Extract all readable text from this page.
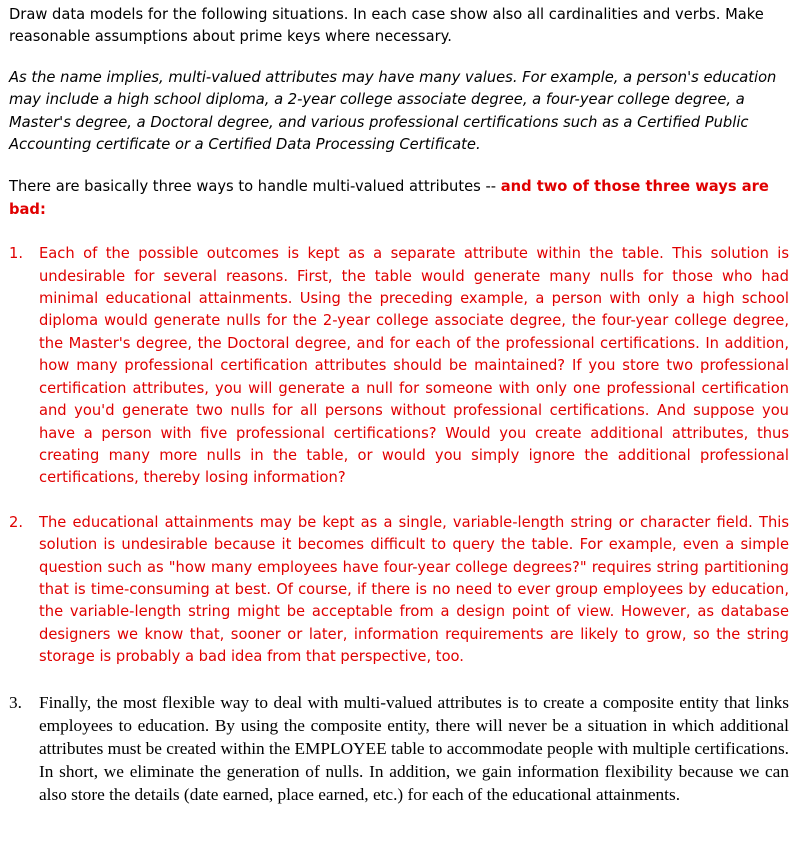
Draw data models for the following situations. In each case show also all cardinalities and verbs. Make reasonable assumptions about prime keys where necessary.

As the name implies, multi-valued attributes may have many values. For example, a person's education may include a high school diploma, a 2-year college associate degree, a four-year college degree, a Master's degree, a Doctoral degree, and various professional certifications such as a Certified Public Accounting certificate or a Certified Data Processing Certificate.

There are basically three ways to handle multi-valued attributes -- and two of those three ways are bad:

1.	Each of the possible outcomes is kept as a separate attribute within the table. This solution is undesirable for several reasons. First, the table would generate many nulls for those who had minimal educational attainments. Using the preceding example, a person with only a high school diploma would generate nulls for the 2-year college associate degree, the four-year college degree, the Master's degree, the Doctoral degree, and for each of the professional certifications. In addition, how many professional certification attributes should be maintained? If you store two professional certification attributes, you will generate a null for someone with only one professional certification and you'd generate two nulls for all persons without professional certifications. And suppose you have a person with five professional certifications? Would you create additional attributes, thus creating many more nulls in the table, or would you simply ignore the additional professional certifications, thereby losing information?
2.	The educational attainments may be kept as a single, variable-length string or character field. This solution is undesirable because it becomes difficult to query the table. For example, even a simple question such as "how many employees have four-year college degrees?" requires string partitioning that is time-consuming at best. Of course, if there is no need to ever group employees by education, the variable-length string might be acceptable from a design point of view. However, as database designers we know that, sooner or later, information requirements are likely to grow, so the string storage is probably a bad idea from that perspective, too.
3. Finally, the most flexible way to deal with multi-valued attributes is to create a composite entity that links employees to education. By using the composite entity, there will never be a situation in which additional attributes must be created within the EMPLOYEE table to accommodate people with multiple certifications. In short, we eliminate the generation of nulls. In addition, we gain information flexibility because we can also store the details (date earned, place earned, etc.) for each of the educational attainments.
